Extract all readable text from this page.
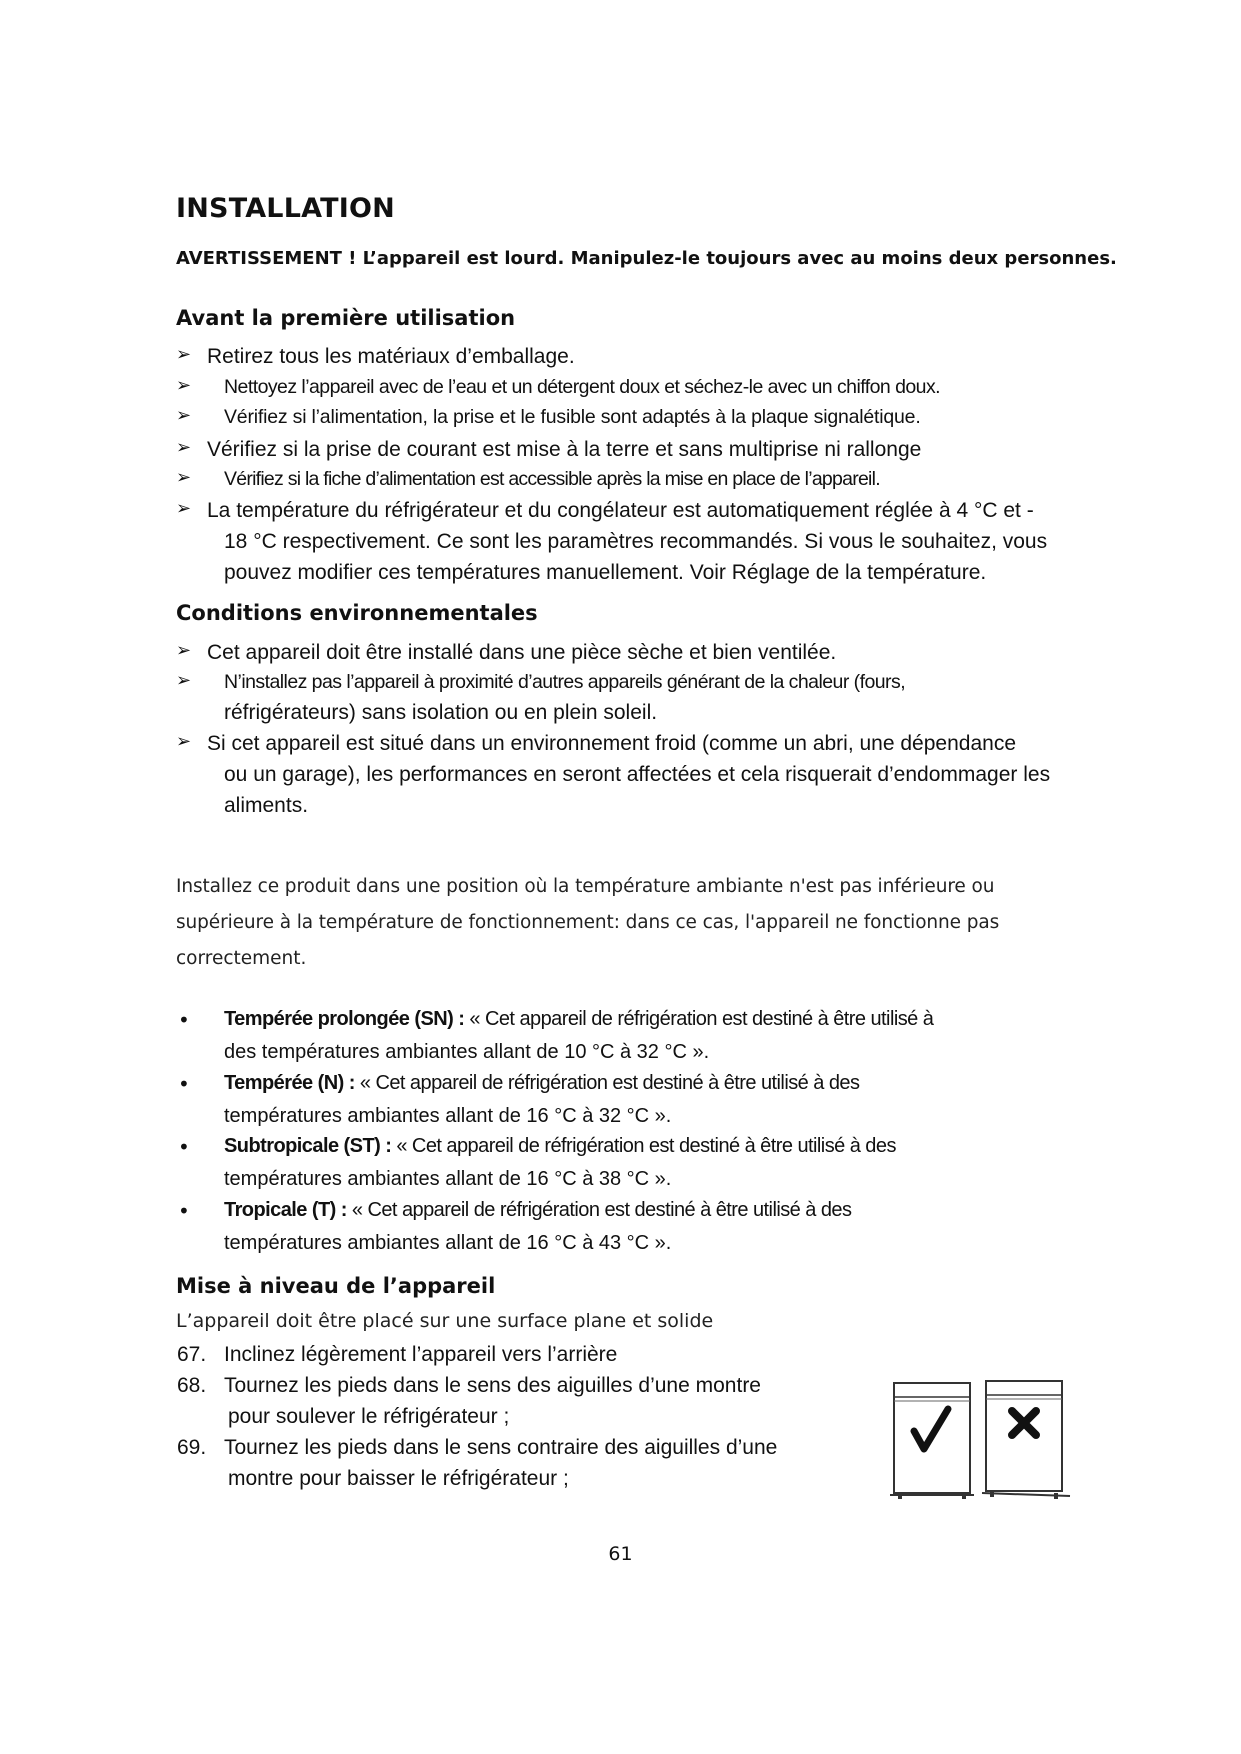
INSTALLATION
AVERTISSEMENT ! L’appareil est lourd. Manipulez-le toujours avec au moins deux personnes.
Avant la première utilisation
➢ Retirez tous les matériaux d’emballage.
➢ Nettoyez l’appareil avec de l’eau et un détergent doux et séchez-le avec un chiffon doux.
➢ Vérifiez si l’alimentation, la prise et le fusible sont adaptés à la plaque signalétique.
➢ Vérifiez si la prise de courant est mise à la terre et sans multiprise ni rallonge
➢ Vérifiez si la fiche d’alimentation est accessible après la mise en place de l’appareil.
➢ La température du réfrigérateur et du congélateur est automatiquement réglée à 4 °C et -
18 °C respectivement. Ce sont les paramètres recommandés. Si vous le souhaitez, vous
pouvez modifier ces températures manuellement. Voir Réglage de la température.
Conditions environnementales
➢ Cet appareil doit être installé dans une pièce sèche et bien ventilée.
➢ N’installez pas l’appareil à proximité d’autres appareils générant de la chaleur (fours,
réfrigérateurs) sans isolation ou en plein soleil.
➢ Si cet appareil est situé dans un environnement froid (comme un abri, une dépendance
ou un garage), les performances en seront affectées et cela risquerait d’endommager les
aliments.
Installez ce produit dans une position où la température ambiante n'est pas inférieure ou
supérieure à la température de fonctionnement: dans ce cas, l'appareil ne fonctionne pas
correctement.
• Tempérée prolongée (SN) : « Cet appareil de réfrigération est destiné à être utilisé à
des températures ambiantes allant de 10 °C à 32 °C ».
• Tempérée (N) : « Cet appareil de réfrigération est destiné à être utilisé à des
températures ambiantes allant de 16 °C à 32 °C ».
• Subtropicale (ST) : « Cet appareil de réfrigération est destiné à être utilisé à des
températures ambiantes allant de 16 °C à 38 °C ».
• Tropicale (T) : « Cet appareil de réfrigération est destiné à être utilisé à des
températures ambiantes allant de 16 °C à 43 °C ».
Mise à niveau de l’appareil
L’appareil doit être placé sur une surface plane et solide
67. Inclinez légèrement l’appareil vers l’arrière
68. Tournez les pieds dans le sens des aiguilles d’une montre
pour soulever le réfrigérateur ;
69. Tournez les pieds dans le sens contraire des aiguilles d’une
montre pour baisser le réfrigérateur ;
61
